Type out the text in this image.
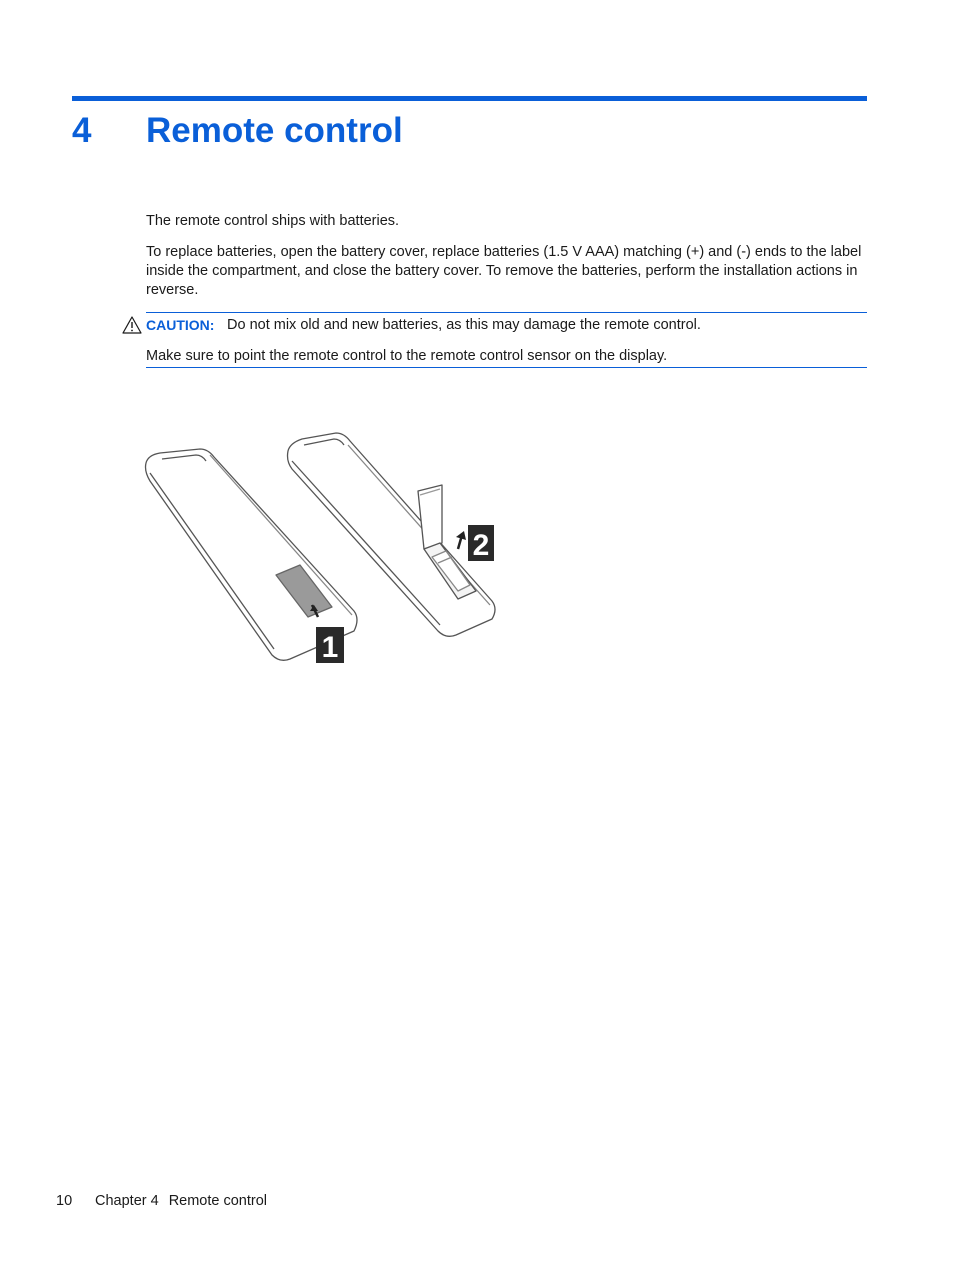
4	Remote control

The remote control ships with batteries.

To replace batteries, open the battery cover, replace batteries (1.5 V AAA) matching (+) and (-) ends to the label inside the compartment, and close the battery cover. To remove the batteries, perform the installation actions in reverse.

CAUTION: Do not mix old and new batteries, as this may damage the remote control.
Make sure to point the remote control to the remote control sensor on the display.
1
2
10 Chapter 4 Remote control
